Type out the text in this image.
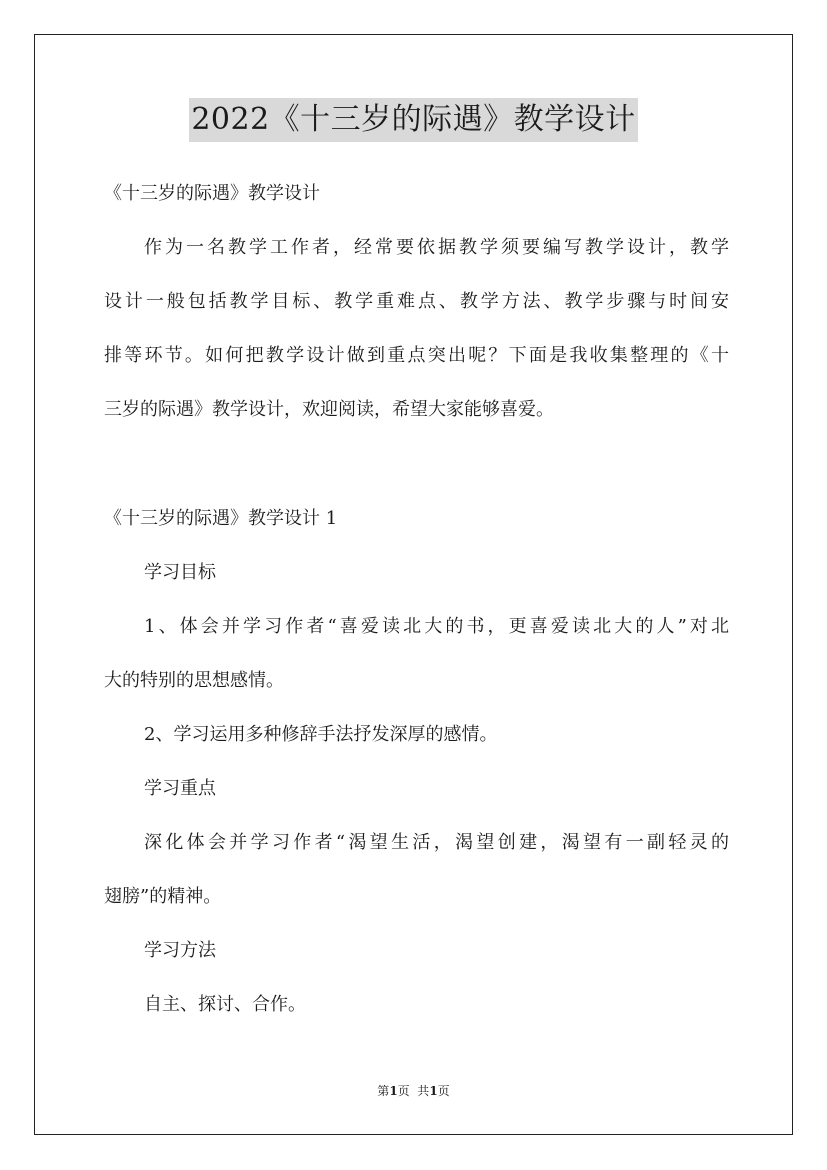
2022《十三岁的际遇》教学设计
《十三岁的际遇》教学设计
作为一名教学工作者，经常要依据教学须要编写教学设计，教学
设计一般包括教学目标、教学重难点、教学方法、教学步骤与时间安
排等环节。如何把教学设计做到重点突出呢？下面是我收集整理的《十
三岁的际遇》教学设计，欢迎阅读，希望大家能够喜爱。
《十三岁的际遇》教学设计 1
学习目标
1、体会并学习作者“喜爱读北大的书，更喜爱读北大的人”对北
大的特别的思想感情。
2、学习运用多种修辞手法抒发深厚的感情。
学习重点
深化体会并学习作者“渴望生活，渴望创建，渴望有一副轻灵的
翅膀”的精神。
学习方法
自主、探讨、合作。
第1页  共1页
